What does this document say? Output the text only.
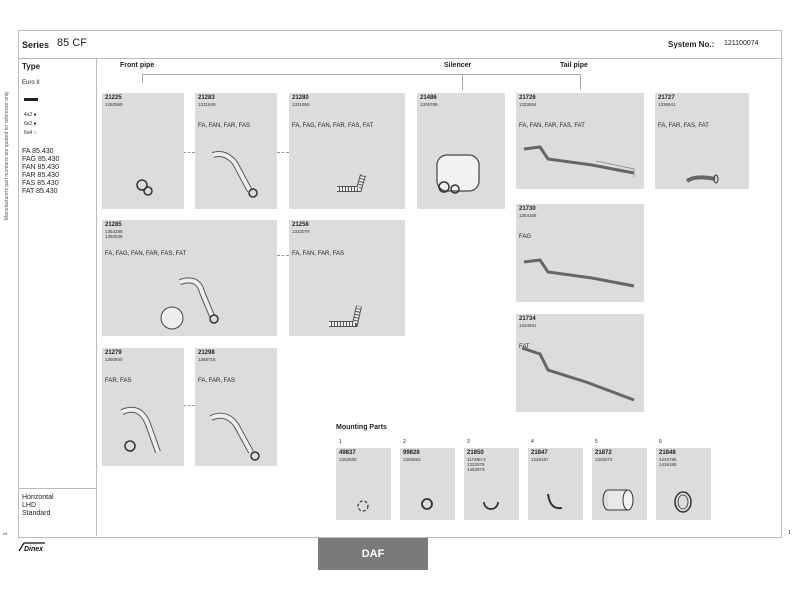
Series 85 CF	System No.: 121100074
Manufacturers part numbers are quoted for reference only
Type
Euro II
4x2 ●
6x2 ●
6x4 ○
FA 85.430
FAG 85.430
FAN 85.430
FAR 85.430
FAS 85.430
FAT 85.430
Horizontal
LHD
Standard
Front pipe	Silencer	Tail pipe
Mounting Parts
21225
1292569
21283
1331949
FA, FAN, FAR, FAS
21280
1331950
FA, FAG, FAN, FAR, FAS, FAT
21486
1305789
21726
1333654
FA, FAN, FAR, FAS, FAT
21727
1336941
FA, FAR, FAS, FAT
21285
1354286
1392538
FA, FAG, FAN, FAR, FAS, FAT
21258
1333079
FA, FAN, FAR, FAS
21730
1364106
FAG
21734
1334601
FAT
21279
1360940
FAR, FAS
21298
1368716
FA, FAR, FAS
1
49837
1302830
2
99828
1300653
3
21850
117280-3
1232978
1452973
4
21847
1248187
5
21872
1325072
6
21848
1248785
1436185
Dinex	DAF
1
v4
